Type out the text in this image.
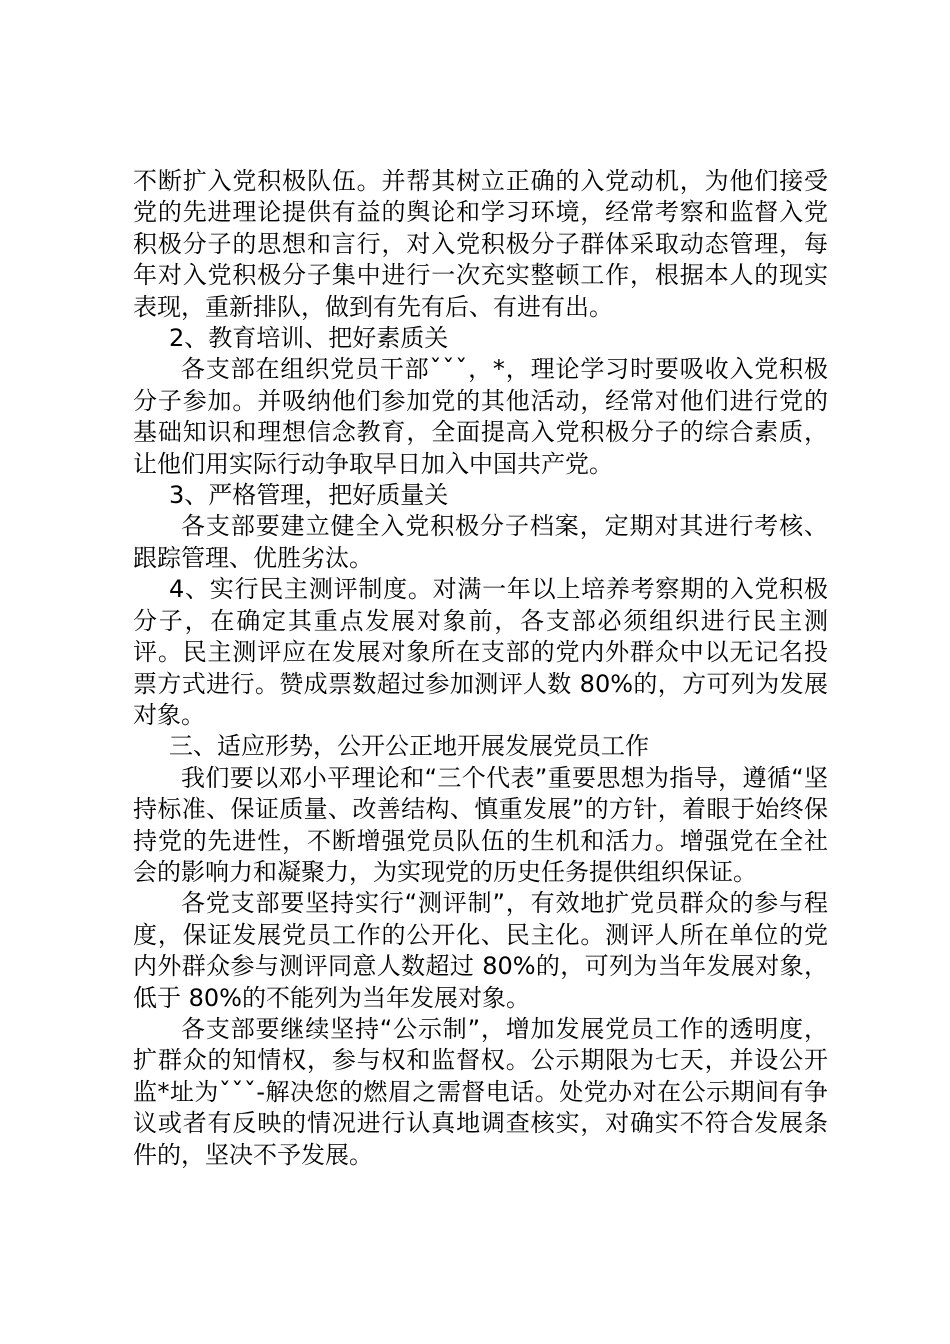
不断扩入党积极队伍。并帮其树立正确的入党动机，为他们接受党的先进理论提供有益的舆论和学习环境，经常考察和监督入党积极分子的思想和言行，对入党积极分子群体采取动态管理，每年对入党积极分子集中进行一次充实整顿工作，根据本人的现实表现，重新排队，做到有先有后、有进有出。

2、教育培训、把好素质关

各支部在组织党员干部ˇˇˇ，*，理论学习时要吸收入党积极分子参加。并吸纳他们参加党的其他活动，经常对他们进行党的基础知识和理想信念教育，全面提高入党积极分子的综合素质，让他们用实际行动争取早日加入中国共产党。

3、严格管理，把好质量关

各支部要建立健全入党积极分子档案，定期对其进行考核、跟踪管理、优胜劣汰。

4、实行民主测评制度。对满一年以上培养考察期的入党积极分子，在确定其重点发展对象前，各支部必须组织进行民主测评。民主测评应在发展对象所在支部的党内外群众中以无记名投票方式进行。赞成票数超过参加测评人数 80%的，方可列为发展对象。

三、适应形势，公开公正地开展发展党员工作

我们要以邓小平理论和“三个代表”重要思想为指导，遵循“坚持标准、保证质量、改善结构、慎重发展”的方针，着眼于始终保持党的先进性，不断增强党员队伍的生机和活力。增强党在全社会的影响力和凝聚力，为实现党的历史任务提供组织保证。

各党支部要坚持实行“测评制”，有效地扩党员群众的参与程度，保证发展党员工作的公开化、民主化。测评人所在单位的党内外群众参与测评同意人数超过 80%的，可列为当年发展对象，低于 80%的不能列为当年发展对象。

各支部要继续坚持“公示制”，增加发展党员工作的透明度，扩群众的知情权，参与权和监督权。公示期限为七天，并设公开监*址为ˇˇˇ-解决您的燃眉之需督电话。处党办对在公示期间有争议或者有反映的情况进行认真地调查核实，对确实不符合发展条件的，坚决不予发展。
